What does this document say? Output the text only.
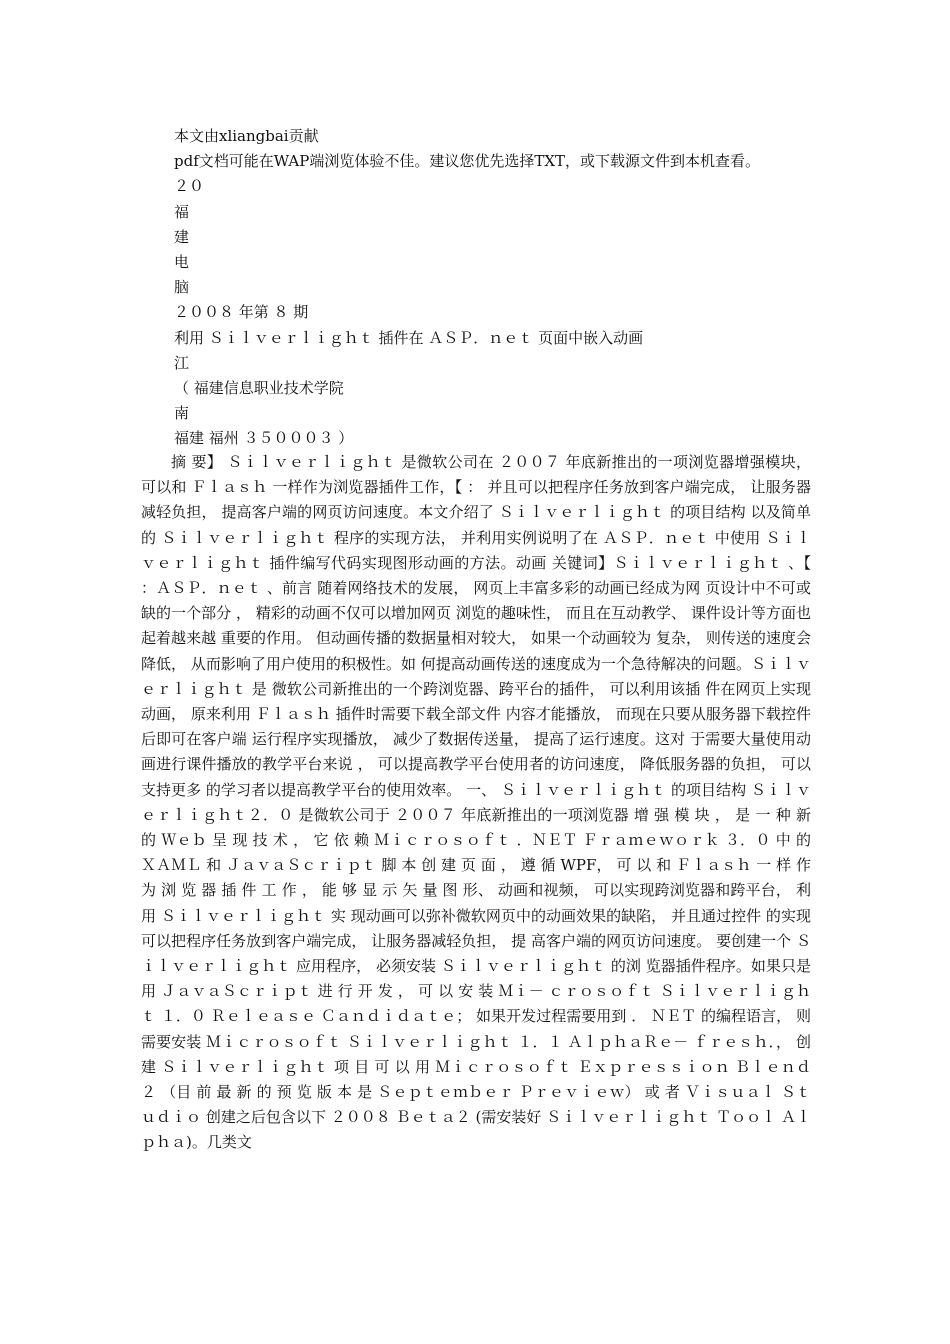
本文由xliangbai贡献
pdf文档可能在WAP端浏览体验不佳。建议您优先选择TXT，或下载源文件到本机查看。
２０
福
建
电
脑
２００８ 年第 ８ 期
利用 Ｓｉｌｖｅｒｌｉｇｈｔ 插件在 ＡＳＰ．ｎｅｔ 页面中嵌入动画
江
（ 福建信息职业技术学院
南
福建 福州 ３５０００３ ）
摘 要】 Ｓｉｌｖｅｒｌｉｇｈｔ 是微软公司在 ２００７ 年底新推出的一项浏览器增强模块， 可以和 Ｆｌａｓｈ 一样作为浏览器插件工作，【 ： 并且可以把程序任务放到客户端完成， 让服务器减轻负担， 提高客户端的网页访问速度。本文介绍了 Ｓｉｌｖｅｒｌｉｇｈｔ 的项目结构 以及简单的 Ｓｉｌｖｅｒｌｉｇｈｔ 程序的实现方法， 并利用实例说明了在 ＡＳＰ．ｎｅｔ 中使用 Ｓｉｌｖｅｒｌｉｇｈｔ 插件编写代码实现图形动画的方法。动画 关键词】Ｓｉｌｖｅｒｌｉｇｈｔ 、【 ：ＡＳＰ．ｎｅｔ 、前言 随着网络技术的发展， 网页上丰富多彩的动画已经成为网 页设计中不可或缺的一个部分 ， 精彩的动画不仅可以增加网页 浏览的趣味性， 而且在互动教学、 课件设计等方面也起着越来越 重要的作用。 但动画传播的数据量相对较大， 如果一个动画较为 复杂， 则传送的速度会降低， 从而影响了用户使用的积极性。如 何提高动画传送的速度成为一个急待解决的问题。Ｓｉｌｖｅｒｌｉｇｈｔ 是 微软公司新推出的一个跨浏览器、跨平台的插件， 可以利用该插 件在网页上实现动画， 原来利用 Ｆｌａｓｈ 插件时需要下载全部文件 内容才能播放， 而现在只要从服务器下载控件后即可在客户端 运行程序实现播放， 减少了数据传送量， 提高了运行速度。这对 于需要大量使用动画进行课件播放的教学平台来说 ， 可以提高教学平台使用者的访问速度， 降低服务器的负担， 可以支持更多 的学习者以提高教学平台的使用效率。 一、 Ｓｉｌｖｅｒｌｉｇｈｔ 的项目结构 Ｓｉｌｖｅｒｌｉｇｈｔ２．０ 是微软公司于 ２００７ 年底新推出的一项浏览器 增 强 模 块 ， 是 一 种 新 的 Ｗｅｂ 呈 现 技 术 ， 它 依 赖 Ｍｉｃｒｏｓｏｆｔ ．ＮＥＴ Ｆｒａｍｅｗｏｒｋ ３．０ 中 的 ＸＡＭＬ 和 ＪａｖａＳｃｒｉｐｔ 脚 本 创 建 页 面 ， 遵 循 WPF， 可 以 和 Ｆｌａｓｈ 一 样 作 为 浏 览 器 插 件 工 作 ， 能 够 显 示 矢 量 图 形、 动画和视频， 可以实现跨浏览器和跨平台， 利用 Ｓｉｌｖｅｒｌｉｇｈｔ 实 现动画可以弥补微软网页中的动画效果的缺陷， 并且通过控件 的实现可以把程序任务放到客户端完成， 让服务器减轻负担， 提 高客户端的网页访问速度。 要创建一个 Ｓｉｌｖｅｒｌｉｇｈｔ 应用程序， 必须安装 Ｓｉｌｖｅｒｌｉｇｈｔ 的浏 览器插件程序。如果只是用 ＪａｖａＳｃｒｉｐｔ 进 行 开 发 ， 可 以 安 装 Ｍｉ－ ｃｒｏｓｏｆｔ Ｓｉｌｖｅｒｌｉｇｈｔ １．０ Ｒｅｌｅａｓｅ Ｃａｎｄｉｄａｔｅ； 如果开发过程需要用到 ． ＮＥＴ 的编程语言， 则需要安装 Ｍｉｃｒｏｓｏｆｔ Ｓｉｌｖｅｒｌｉｇｈｔ １．１ ＡｌｐｈａＲｅ－ ｆｒｅｓｈ．， 创 建 Ｓｉｌｖｅｒｌｉｇｈｔ 项 目 可 以 用 Ｍｉｃｒｏｓｏｆｔ Ｅｘｐｒｅｓｓｉｏｎ Ｂｌｅｎｄ ２ （目 前 最 新 的 预 览 版 本 是 Ｓｅｐｔｅｍｂｅｒ Ｐｒｅｖｉｅｗ） 或 者 Ｖｉｓｕａｌ Ｓｔｕｄｉｏ 创建之后包含以下 ２００８ Ｂｅｔａ２ (需安装好 Ｓｉｌｖｅｒｌｉｇｈｔ Ｔｏｏｌ Ａｌｐｈａ)。几类文
